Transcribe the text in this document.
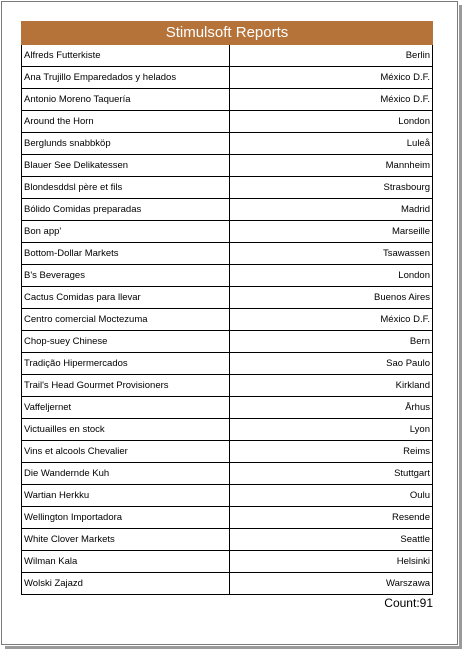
Stimulsoft Reports
Alfreds Futterkiste	Berlin
Ana Trujillo Emparedados y helados	México D.F.
Antonio Moreno Taquería	México D.F.
Around the Horn	London
Berglunds snabbköp	Luleå
Blauer See Delikatessen	Mannheim
Blondesddsl père et fils	Strasbourg
Bólido Comidas preparadas	Madrid
Bon app'	Marseille
Bottom-Dollar Markets	Tsawassen
B's Beverages	London
Cactus Comidas para llevar	Buenos Aires
Centro comercial Moctezuma	México D.F.
Chop-suey Chinese	Bern
Tradição Hipermercados	Sao Paulo
Trail's Head Gourmet Provisioners	Kirkland
Vaffeljernet	Århus
Victuailles en stock	Lyon
Vins et alcools Chevalier	Reims
Die Wandernde Kuh	Stuttgart
Wartian Herkku	Oulu
Wellington Importadora	Resende
White Clover Markets	Seattle
Wilman Kala	Helsinki
Wolski Zajazd	Warszawa
Count:91
